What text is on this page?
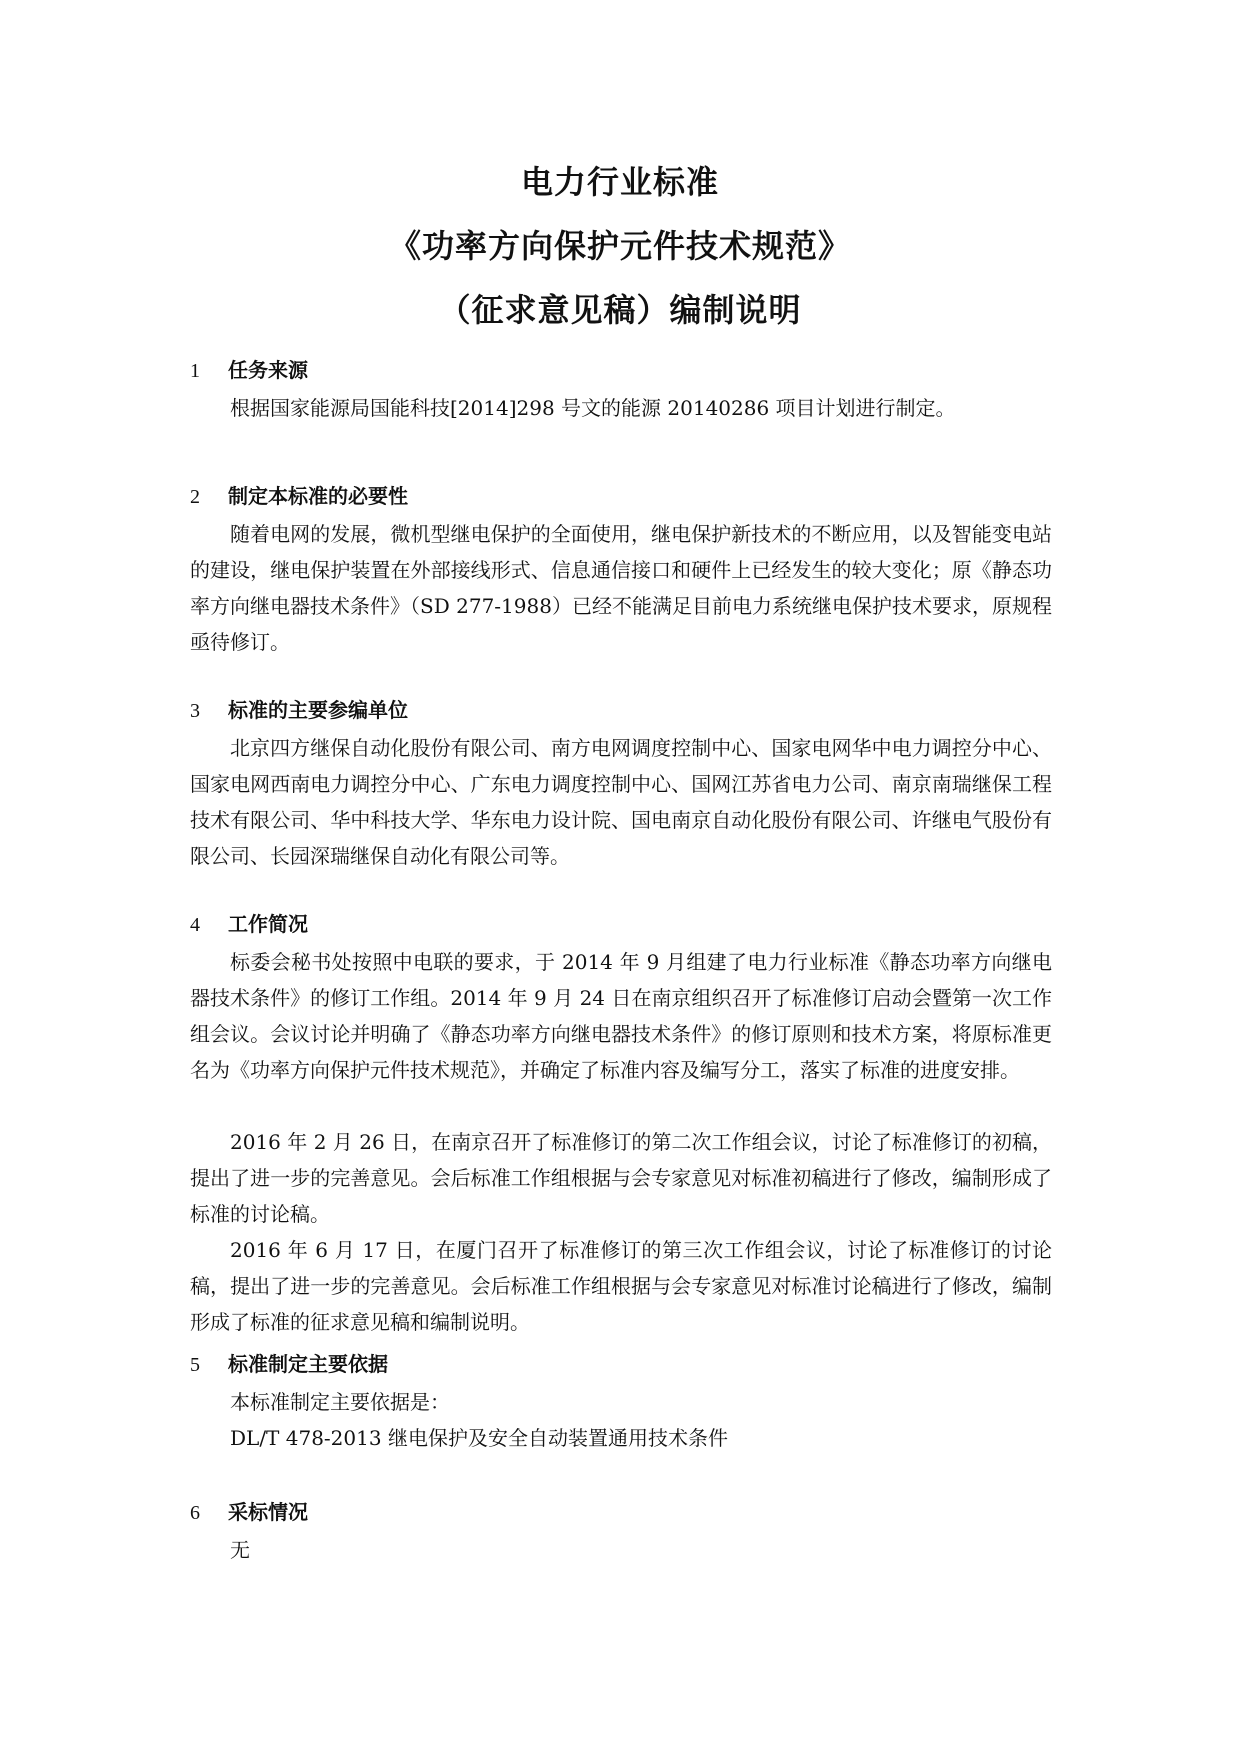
电力行业标准
《功率方向保护元件技术规范》
（征求意见稿）编制说明
1 任务来源
根据国家能源局国能科技[2014]298 号文的能源 20140286 项目计划进行制定。
2 制定本标准的必要性
随着电网的发展，微机型继电保护的全面使用，继电保护新技术的不断应用，以及智能变电站的建设，继电保护装置在外部接线形式、信息通信接口和硬件上已经发生的较大变化；原《静态功率方向继电器技术条件》（SD 277-1988）已经不能满足目前电力系统继电保护技术要求，原规程亟待修订。
3 标准的主要参编单位
北京四方继保自动化股份有限公司、南方电网调度控制中心、国家电网华中电力调控分中心、国家电网西南电力调控分中心、广东电力调度控制中心、国网江苏省电力公司、南京南瑞继保工程技术有限公司、华中科技大学、华东电力设计院、国电南京自动化股份有限公司、许继电气股份有限公司、长园深瑞继保自动化有限公司等。
4 工作简况
标委会秘书处按照中电联的要求，于 2014 年 9 月组建了电力行业标准《静态功率方向继电器技术条件》的修订工作组。2014 年 9 月 24 日在南京组织召开了标准修订启动会暨第一次工作组会议。会议讨论并明确了《静态功率方向继电器技术条件》的修订原则和技术方案，将原标准更名为《功率方向保护元件技术规范》，并确定了标准内容及编写分工，落实了标准的进度安排。
2016 年 2 月 26 日，在南京召开了标准修订的第二次工作组会议，讨论了标准修订的初稿，提出了进一步的完善意见。会后标准工作组根据与会专家意见对标准初稿进行了修改，编制形成了标准的讨论稿。
2016 年 6 月 17 日，在厦门召开了标准修订的第三次工作组会议，讨论了标准修订的讨论稿，提出了进一步的完善意见。会后标准工作组根据与会专家意见对标准讨论稿进行了修改，编制形成了标准的征求意见稿和编制说明。
5 标准制定主要依据
本标准制定主要依据是：
DL/T 478-2013 继电保护及安全自动装置通用技术条件
6 采标情况
无
